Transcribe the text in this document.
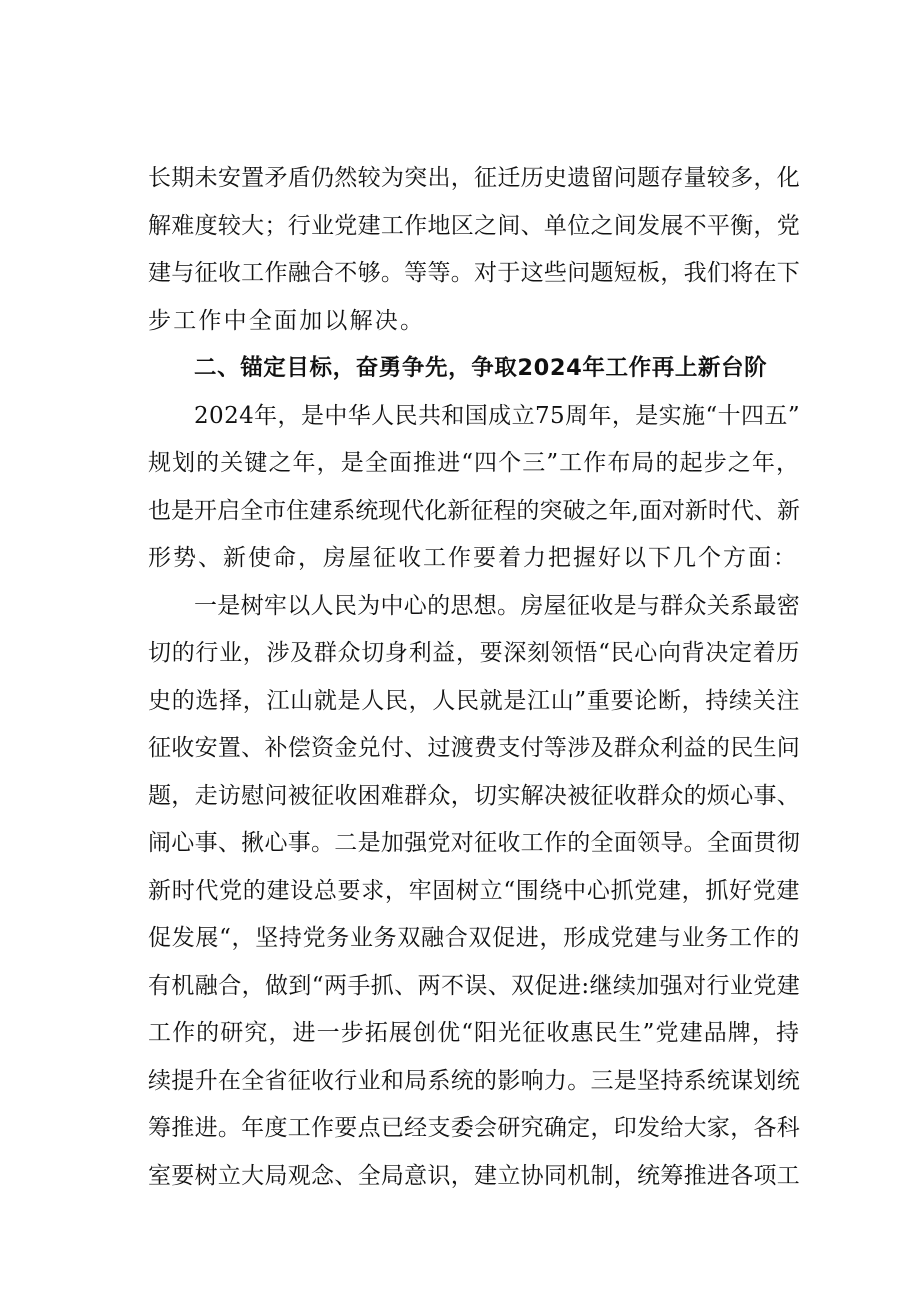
长期未安置矛盾仍然较为突出，征迁历史遗留问题存量较多，化
解难度较大；行业党建工作地区之间、单位之间发展不平衡，党
建与征收工作融合不够。等等。对于这些问题短板，我们将在下
步工作中全面加以解决。
二、锚定目标，奋勇争先，争取2024年工作再上新台阶
2024年，是中华人民共和国成立75周年，是实施“十四五”
规划的关键之年，是全面推进“四个三”工作布局的起步之年，
也是开启全市住建系统现代化新征程的突破之年,面对新时代、新
形势、新使命，房屋征收工作要着力把握好以下几个方面：
一是树牢以人民为中心的思想。房屋征收是与群众关系最密
切的行业，涉及群众切身利益，要深刻领悟“民心向背决定着历
史的选择，江山就是人民，人民就是江山”重要论断，持续关注
征收安置、补偿资金兑付、过渡费支付等涉及群众利益的民生问
题，走访慰问被征收困难群众，切实解决被征收群众的烦心事、
闹心事、揪心事。二是加强党对征收工作的全面领导。全面贯彻
新时代党的建设总要求，牢固树立“围绕中心抓党建，抓好党建
促发展“，坚持党务业务双融合双促进，形成党建与业务工作的
有机融合，做到“两手抓、两不误、双促进:继续加强对行业党建
工作的研究，进一步拓展创优“阳光征收惠民生”党建品牌，持
续提升在全省征收行业和局系统的影响力。三是坚持系统谋划统
筹推进。年度工作要点已经支委会研究确定，印发给大家，各科
室要树立大局观念、全局意识，建立协同机制，统筹推进各项工
